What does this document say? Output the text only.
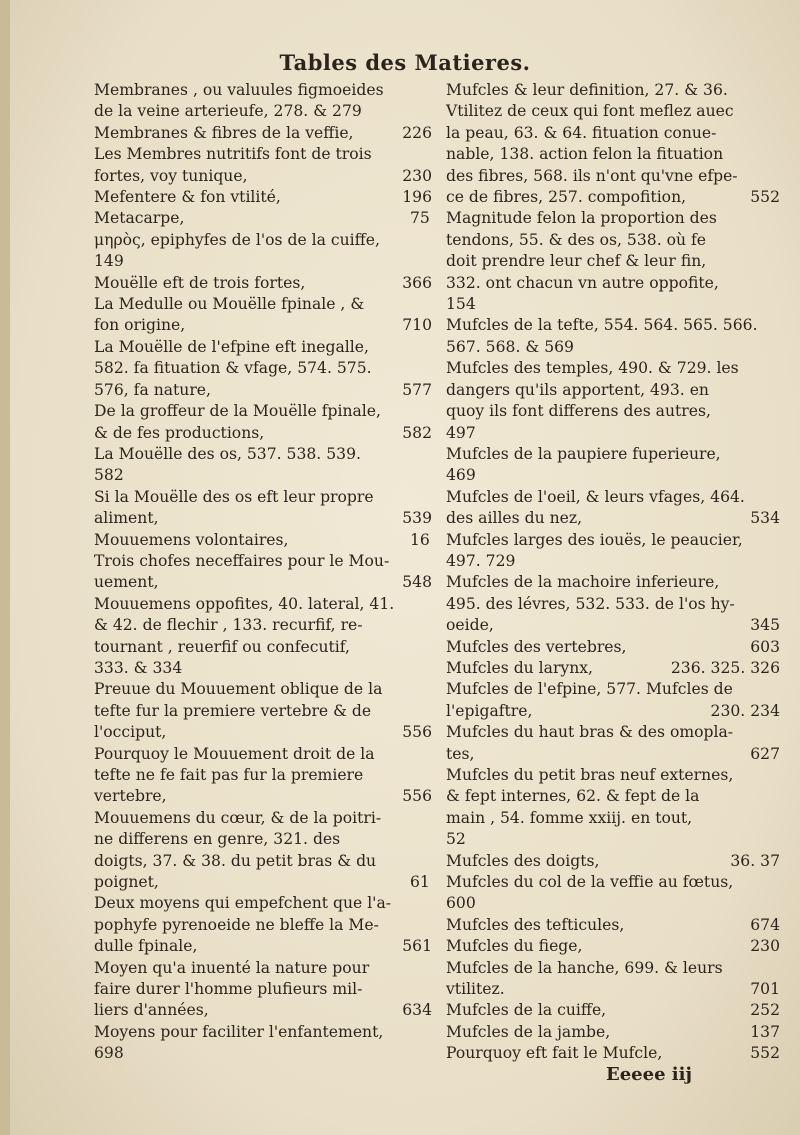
Tables des Matieres.
Membranes , ou valuules figmoeides
de la veine arterieufe, 278. & 279
Membranes & fibres de la veffie,	226
Les Membres nutritifs font de trois
fortes, voy tunique,	230
Mefentere & fon vtilité,	196
Metacarpe,	75
μηρὸς, epiphyfes de l'os de la cuiffe,
149
Mouëlle eft de trois fortes,	366
La Medulle ou Mouëlle fpinale , &
fon origine,	710
La Mouëlle de l'efpine eft inegalle,
582. fa fituation & vfage, 574. 575.
576, fa nature,	577
De la groffeur de la Mouëlle fpinale,
& de fes productions,	582
La Mouëlle des os, 537. 538. 539.
582
Si la Mouëlle des os eft leur propre
aliment,	539
Mouuemens volontaires,	16
Trois chofes neceffaires pour le Mou-
uement,	548
Mouuemens oppofites, 40. lateral, 41.
& 42. de flechir , 133. recurfif, re-
tournant , reuerfif ou confecutif,
333. & 334
Preuue du Mouuement oblique de la
tefte fur la premiere vertebre & de
l'occiput,	556
Pourquoy le Mouuement droit de la
tefte ne fe fait pas fur la premiere
vertebre,	556
Mouuemens du cœur, & de la poitri-
ne differens en genre, 321. des
doigts, 37. & 38. du petit bras & du
poignet,	61
Deux moyens qui empefchent que l'a-
pophyfe pyrenoeide ne bleffe la Me-
dulle fpinale,	561
Moyen qu'a inuenté la nature pour
faire durer l'homme plufieurs mil-
liers d'années,	634
Moyens pour faciliter l'enfantement,
698
Mufcles & leur definition, 27. & 36.
Vtilitez de ceux qui font meflez auec
la peau, 63. & 64. fituation conue-
nable, 138. action felon la fituation
des fibres, 568. ils n'ont qu'vne efpe-
ce de fibres, 257. compofition,	552
Magnitude felon la proportion des
tendons, 55. & des os, 538. où fe
doit prendre leur chef & leur fin,
332. ont chacun vn autre oppofite,
154
Mufcles de la tefte, 554. 564. 565. 566.
567. 568. & 569
Mufcles des temples, 490. & 729. les
dangers qu'ils apportent, 493. en
quoy ils font differens des autres,
497
Mufcles de la paupiere fuperieure,
469
Mufcles de l'oeil, & leurs vfages, 464.
des ailles du nez,	534
Mufcles larges des iouës, le peaucier,
497. 729
Mufcles de la machoire inferieure,
495. des lévres, 532. 533. de l'os hy-
oeide,	345
Mufcles des vertebres,	603
Mufcles du larynx,	236. 325. 326
Mufcles de l'efpine, 577. Mufcles de
l'epigaftre,	230. 234
Mufcles du haut bras & des omopla-
tes,	627
Mufcles du petit bras neuf externes,
& fept internes, 62. & fept de la
main , 54. fomme xxiij. en tout,
52
Mufcles des doigts,	36. 37
Mufcles du col de la veffie au fœtus,
600
Mufcles des tefticules,	674
Mufcles du fiege,	230
Mufcles de la hanche, 699. & leurs
vtilitez.	701
Mufcles de la cuiffe,	252
Mufcles de la jambe,	137
Pourquoy eft fait le Mufcle,	552
Eeeee iij
